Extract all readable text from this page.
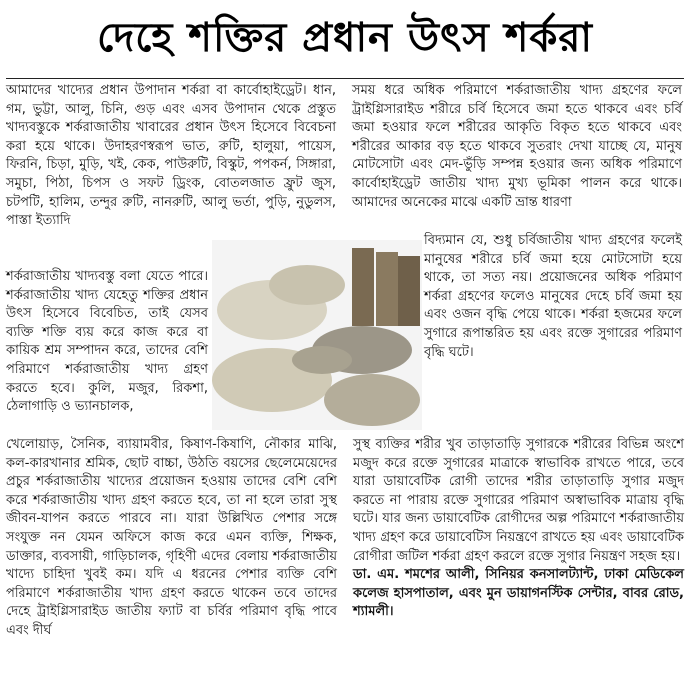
দেহে শক্তির প্রধান উৎস শর্করা

আমাদের খাদ্যের প্রধান উপাদান শর্করা বা কার্বোহাইড্রেট। ধান, গম, ভুট্টা, আলু, চিনি, গুড় এবং এসব উপাদান থেকে প্রস্তুত খাদ্যবস্তুকে শর্করাজাতীয় খাবারের প্রধান উৎস হিসেবে বিবেচনা করা হয়ে থাকে। উদাহরণস্বরূপ ভাত, রুটি, হালুয়া, পায়েস, ফিরনি, চিড়া, মুড়ি, খই, কেক, পাউরুটি, বিস্কুট, পপকর্ন, সিঙ্গারা, সমুচা, পিঠা, চিপস ও সফট ড্রিংক, বোতলজাত ফ্রুট জুস, চটপটি, হালিম, তন্দুর রুটি, নানরুটি, আলু ভর্তা, পুড়ি, নুডুলস, পাস্তা ইত্যাদি

শর্করাজাতীয় খাদ্যবস্তু বলা যেতে পারে। শর্করাজাতীয় খাদ্য যেহেতু শক্তির প্রধান উৎস হিসেবে বিবেচিত, তাই যেসব ব্যক্তি শক্তি ব্যয় করে কাজ করে বা কায়িক শ্রম সম্পাদন করে, তাদের বেশি পরিমাণে শর্করাজাতীয় খাদ্য গ্রহণ করতে হবে। কুলি, মজুর, রিকশা, ঠেলাগাড়ি ও ভ্যানচালক,

সময় ধরে অধিক পরিমাণে শর্করাজাতীয় খাদ্য গ্রহণের ফলে ট্রাইগ্লিসারাইড শরীরে চর্বি হিসেবে জমা হতে থাকবে এবং চর্বি জমা হওয়ার ফলে শরীরের আকৃতি বিকৃত হতে থাকবে এবং শরীরের আকার বড় হতে থাকবে সুতরাং দেখা যাচ্ছে যে, মানুষ মোটসোটা এবং মেদ-ভুঁড়ি সম্পন্ন হওয়ার জন্য অধিক পরিমাণে কার্বোহাইড্রেট জাতীয় খাদ্য মুখ্য ভূমিকা পালন করে থাকে। আমাদের অনেকের মাঝে একটি ভ্রান্ত ধারণা

বিদ্যমান যে, শুধু চর্বিজাতীয় খাদ্য গ্রহণের ফলেই মানুষের শরীরে চর্বি জমা হয়ে মোটসোটা হয়ে থাকে, তা সত্য নয়। প্রয়োজনের অধিক পরিমাণ শর্করা গ্রহণের ফলেও মানুষের দেহে চর্বি জমা হয় এবং ওজন বৃদ্ধি পেয়ে থাকে। শর্করা হজমের ফলে সুগারে রূপান্তরিত হয় এবং রক্তে সুগারের পরিমাণ বৃদ্ধি ঘটে।

খেলোয়াড়, সৈনিক, ব্যায়ামবীর, কিষাণ-কিষাণি, নৌকার মাঝি, কল-কারখানার শ্রমিক, ছোট বাচ্চা, উঠতি বয়সের ছেলেমেয়েদের প্রচুর শর্করাজাতীয় খাদ্যের প্রয়োজন হওয়ায় তাদের বেশি বেশি করে শর্করাজাতীয় খাদ্য গ্রহণ করতে হবে, তা না হলে তারা সুস্থ জীবন-যাপন করতে পারবে না। যারা উল্লিখিত পেশার সঙ্গে সংযুক্ত নন যেমন অফিসে কাজ করে এমন ব্যক্তি, শিক্ষক, ডাক্তার, ব্যবসায়ী, গাড়িচালক, গৃহিণী এদের বেলায় শর্করাজাতীয় খাদ্যে চাহিদা খুবই কম। যদি এ ধরনের পেশার ব্যক্তি বেশি পরিমাণে শর্করাজাতীয় খাদ্য গ্রহণ করতে থাকেন তবে তাদের দেহে ট্রাইগ্লিসারাইড জাতীয় ফ্যাট বা চর্বির পরিমাণ বৃদ্ধি পাবে এবং দীর্ঘ

সুস্থ ব্যক্তির শরীর খুব তাড়াতাড়ি সুগারকে শরীরের বিভিন্ন অংশে মজুদ করে রক্তে সুগারের মাত্রাকে স্বাভাবিক রাখতে পারে, তবে যারা ডায়াবেটিক রোগী তাদের শরীর তাড়াতাড়ি সুগার মজুদ করতে না পারায় রক্তে সুগারের পরিমাণ অস্বাভাবিক মাত্রায় বৃদ্ধি ঘটে। যার জন্য ডায়াবেটিক রোগীদের অল্প পরিমাণে শর্করাজাতীয় খাদ্য গ্রহণ করে ডায়াবেটিস নিয়ন্ত্রণে রাখতে হয় এবং ডায়াবেটিক রোগীরা জটিল শর্করা গ্রহণ করলে রক্তে সুগার নিয়ন্ত্রণ সহজ হয়।

ডা. এম. শমশের আলী, সিনিয়র কনসালট্যান্ট, ঢাকা মেডিকেল কলেজ হাসপাতাল, এবং মুন ডায়াগনস্টিক সেন্টার, বাবর রোড, শ্যামলী।
